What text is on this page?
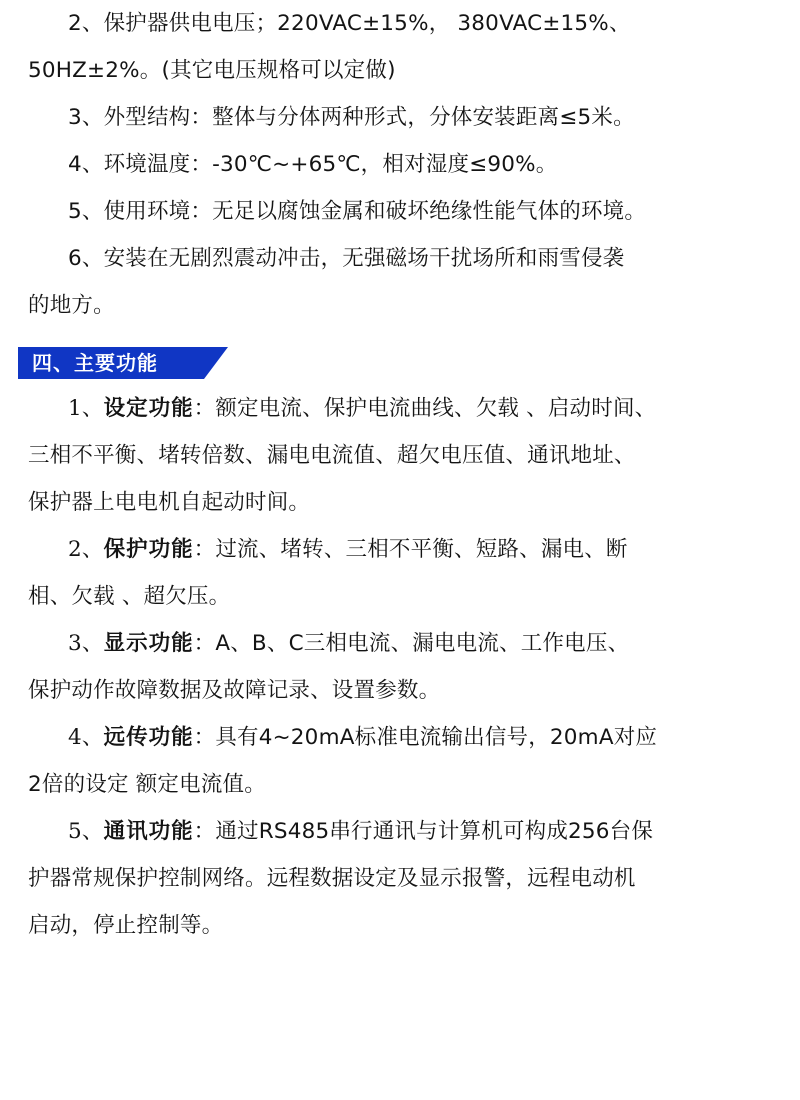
2、保护器供电电压；220VAC±15%， 380VAC±15%、

50HZ±2%。(其它电压规格可以定做)

3、外型结构：整体与分体两种形式，分体安装距离≤5米。

4、环境温度：-30℃~+65℃，相对湿度≤90%。

5、使用环境：无足以腐蚀金属和破坏绝缘性能气体的环境。

6、安装在无剧烈震动冲击，无强磁场干扰场所和雨雪侵袭

的地方。

四、主要功能

1、设定功能：额定电流、保护电流曲线、欠载 、启动时间、

三相不平衡、堵转倍数、漏电电流值、超欠电压值、通讯地址、

保护器上电电机自起动时间。

2、保护功能：过流、堵转、三相不平衡、短路、漏电、断

相、欠载 、超欠压。

3、显示功能：A、B、C三相电流、漏电电流、工作电压、

保护动作故障数据及故障记录、设置参数。

4、远传功能：具有4~20mA标准电流输出信号，20mA对应

2倍的设定 额定电流值。

5、通讯功能：通过RS485串行通讯与计算机可构成256台保

护器常规保护控制网络。远程数据设定及显示报警，远程电动机

启动，停止控制等。
